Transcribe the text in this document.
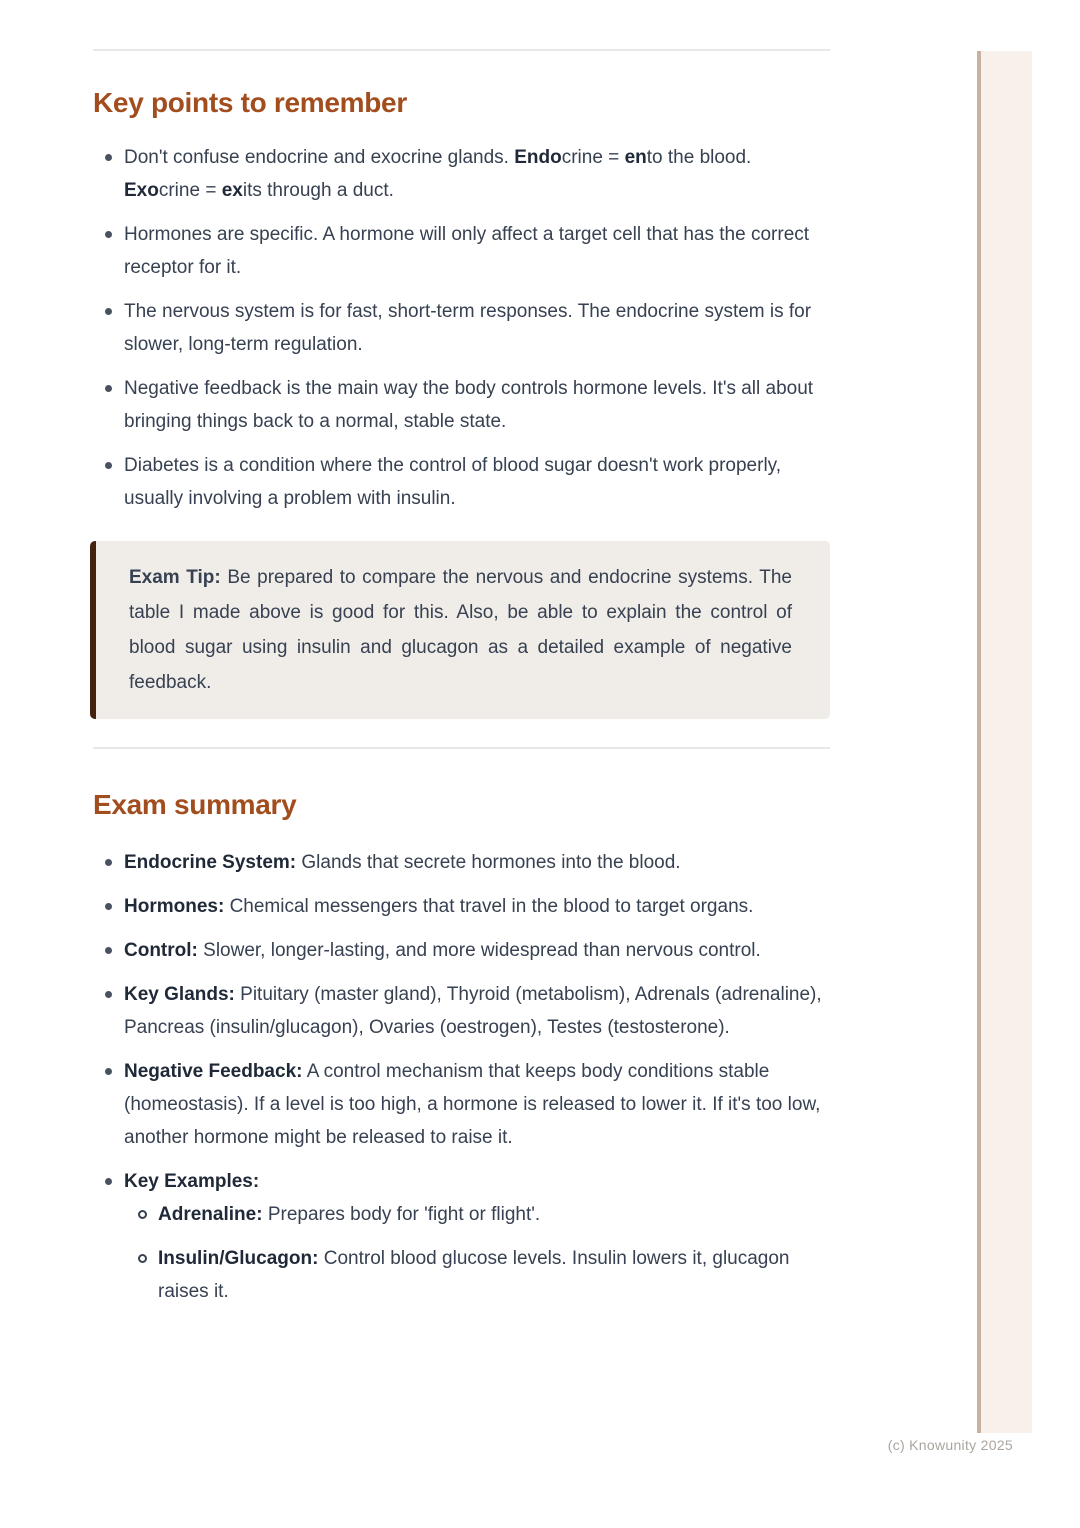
Key points to remember
Don't confuse endocrine and exocrine glands. Endocrine = ento the blood. Exocrine = exits through a duct.
Hormones are specific. A hormone will only affect a target cell that has the correct receptor for it.
The nervous system is for fast, short-term responses. The endocrine system is for slower, long-term regulation.
Negative feedback is the main way the body controls hormone levels. It's all about bringing things back to a normal, stable state.
Diabetes is a condition where the control of blood sugar doesn't work properly, usually involving a problem with insulin.

Exam Tip: Be prepared to compare the nervous and endocrine systems. The table I made above is good for this. Also, be able to explain the control of blood sugar using insulin and glucagon as a detailed example of negative feedback.

Exam summary
Endocrine System: Glands that secrete hormones into the blood.
Hormones: Chemical messengers that travel in the blood to target organs.
Control: Slower, longer-lasting, and more widespread than nervous control.
Key Glands: Pituitary (master gland), Thyroid (metabolism), Adrenals (adrenaline), Pancreas (insulin/glucagon), Ovaries (oestrogen), Testes (testosterone).
Negative Feedback: A control mechanism that keeps body conditions stable (homeostasis). If a level is too high, a hormone is released to lower it. If it's too low, another hormone might be released to raise it.
Key Examples:
Adrenaline: Prepares body for 'fight or flight'.
Insulin/Glucagon: Control blood glucose levels. Insulin lowers it, glucagon raises it.
(c) Knowunity 2025
